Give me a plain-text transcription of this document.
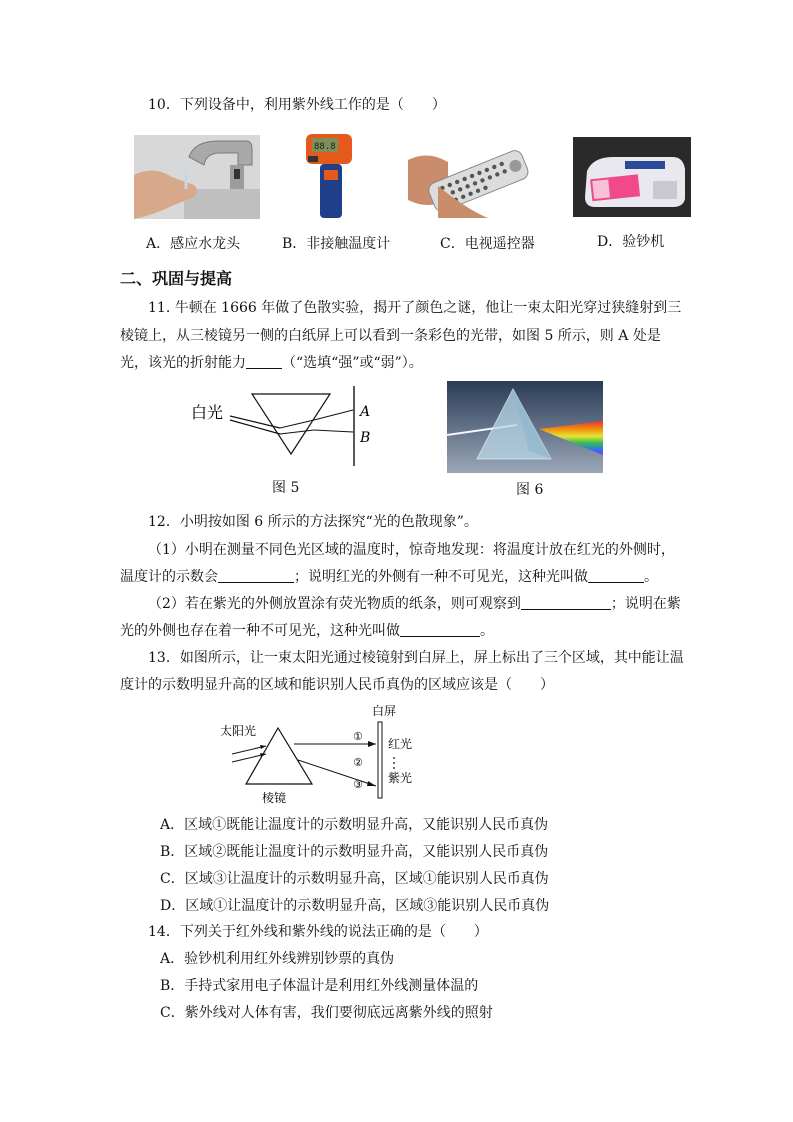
10．下列设备中，利用紫外线工作的是（　　）
88.8
A．感应水龙头	B．非接触温度计	C．电视遥控器	D．验钞机
二、巩固与提高
11. 牛顿在 1666 年做了色散实验，揭开了颜色之谜，他让一束太阳光穿过狭缝射到三
棱镜上，从三棱镜另一侧的白纸屏上可以看到一条彩色的光带，如图 5 所示，则 A 处是
光，该光的折射能力	（“选填“强”或“弱”）。
白光	A
B
图 5	图 6
12．小明按如图 6 所示的方法探究“光的色散现象”。
（1）小明在测量不同色光区域的温度时，惊奇地发现：将温度计放在红光的外侧时，
温度计的示数会	；说明红光的外侧有一种不可见光，这种光叫做	。
（2）若在紫光的外侧放置涂有荧光物质的纸条，则可观察到	；说明在紫
光的外侧也存在着一种不可见光，这种光叫做	。
13．如图所示，让一束太阳光通过棱镜射到白屏上，屏上标出了三个区域，其中能让温
度计的示数明显升高的区域和能识别人民币真伪的区域应该是（　　）
白屏
太阳光
棱镜
红光
紫光
①
②
③
A．区域①既能让温度计的示数明显升高，又能识别人民币真伪
B．区域②既能让温度计的示数明显升高，又能识别人民币真伪
C．区域③让温度计的示数明显升高，区域①能识别人民币真伪
D．区域①让温度计的示数明显升高，区域③能识别人民币真伪
14．下列关于红外线和紫外线的说法正确的是（　　）
A．验钞机利用红外线辨别钞票的真伪
B．手持式家用电子体温计是利用红外线测量体温的
C．紫外线对人体有害，我们要彻底远离紫外线的照射
